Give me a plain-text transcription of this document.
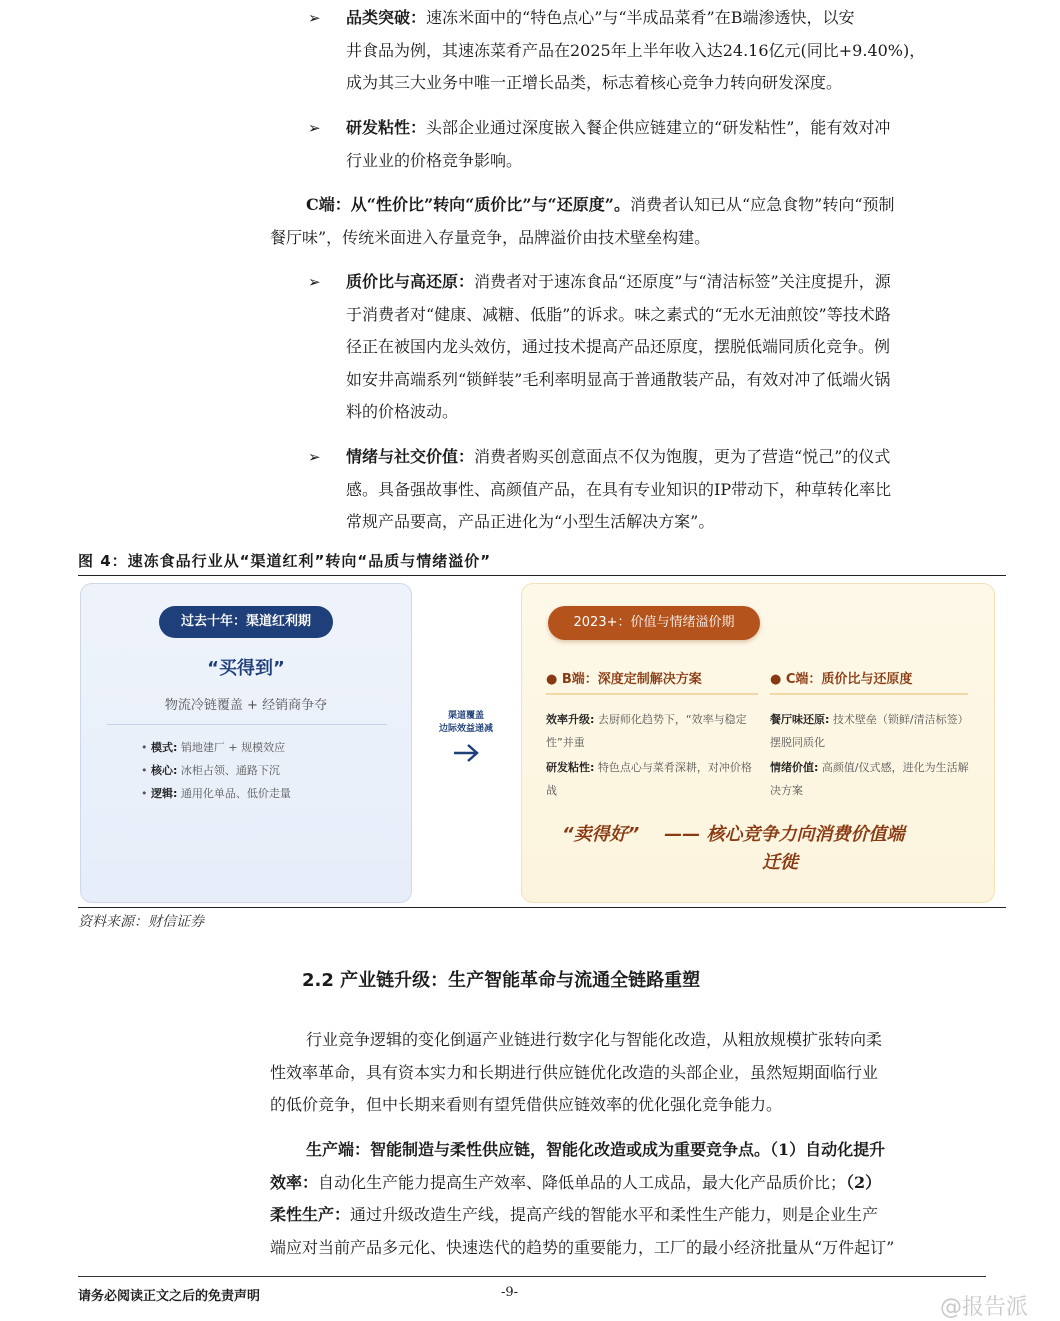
➢ 品类突破：速冻米面中的“特色点心”与“半成品菜肴”在B端渗透快，以安
井食品为例，其速冻菜肴产品在2025年上半年收入达24.16亿元(同比+9.40%)，
成为其三大业务中唯一正增长品类，标志着核心竞争力转向研发深度。
➢ 研发粘性：头部企业通过深度嵌入餐企供应链建立的“研发粘性”，能有效对冲
行业业的价格竞争影响。
C端：从“性价比”转向“质价比”与“还原度”。消费者认知已从“应急食物”转向“预制
餐厅味”，传统米面进入存量竞争，品牌溢价由技术壁垒构建。
➢ 质价比与高还原：消费者对于速冻食品“还原度”与“清洁标签”关注度提升，源
于消费者对“健康、减糖、低脂”的诉求。味之素式的“无水无油煎饺”等技术路
径正在被国内龙头效仿，通过技术提高产品还原度，摆脱低端同质化竞争。例
如安井高端系列“锁鲜装”毛利率明显高于普通散装产品，有效对冲了低端火锅
料的价格波动。
➢ 情绪与社交价值：消费者购买创意面点不仅为饱腹，更为了营造“悦己”的仪式
感。具备强故事性、高颜值产品，在具有专业知识的IP带动下，种草转化率比
常规产品要高，产品正进化为“小型生活解决方案”。
图 4：速冻食品行业从“渠道红利”转向“品质与情绪溢价”
过去十年：渠道红利期
“买得到”
物流冷链覆盖 + 经销商争夺
• 模式: 销地建厂 + 规模效应
• 核心: 冰柜占领、通路下沉
• 逻辑: 通用化单品、低价走量
渠道覆盖
边际效益递减
2023+：价值与情绪溢价期
● B端：深度定制解决方案
效率升级: 去厨师化趋势下，“效率与稳定性”并重
研发粘性: 特色点心与菜肴深耕，对冲价格战
● C端：质价比与还原度
餐厅味还原: 技术壁垒（锁鲜/清洁标签）摆脱同质化
情绪价值: 高颜值/仪式感，进化为生活解决方案
“卖得好” —— 核心竞争力向消费价值端
迁徙
资料来源：财信证券
2.2 产业链升级：生产智能革命与流通全链路重塑
行业竞争逻辑的变化倒逼产业链进行数字化与智能化改造，从粗放规模扩张转向柔
性效率革命，具有资本实力和长期进行供应链优化改造的头部企业，虽然短期面临行业
的低价竞争，但中长期来看则有望凭借供应链效率的优化强化竞争能力。
生产端：智能制造与柔性供应链，智能化改造或成为重要竞争点。（1）自动化提升
效率：自动化生产能力提高生产效率、降低单品的人工成品，最大化产品质价比；（2）
柔性生产：通过升级改造生产线，提高产线的智能水平和柔性生产能力，则是企业生产
端应对当前产品多元化、快速迭代的趋势的重要能力，工厂的最小经济批量从“万件起订”
请务必阅读正文之后的免责声明	-9-
@报告派
